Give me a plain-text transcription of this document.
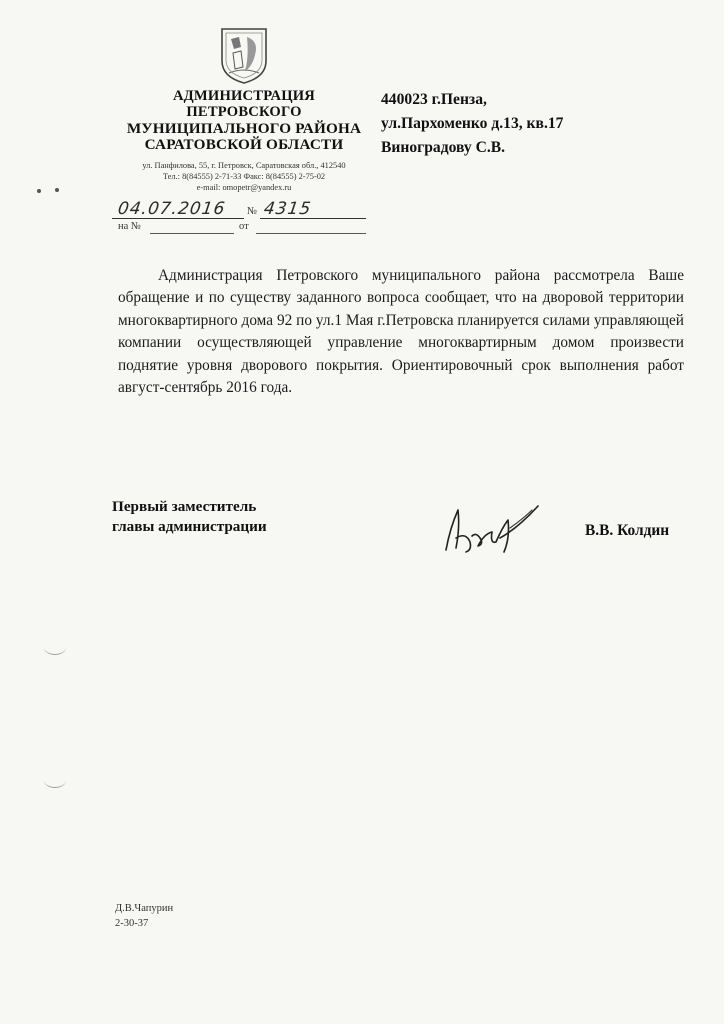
АДМИНИСТРАЦИЯ
ПЕТРОВСКОГО
МУНИЦИПАЛЬНОГО РАЙОНА
САРАТОВСКОЙ ОБЛАСТИ
ул. Панфилова, 55, г. Петровск, Саратовская обл., 412540
Тел.: 8(84555) 2-71-33 Факс: 8(84555) 2-75-02
e-mail: omopetr@yandex.ru
04.07.2016 № 4315
на №	от
440023 г.Пенза,
ул.Пархоменко д.13, кв.17
Виноградову С.В.
Администрация Петровского муниципального района рассмотрела Ваше обращение и по существу заданного вопроса сообщает, что на дворовой территории многоквартирного дома 92 по ул.1 Мая г.Петровска планируется силами управляющей компании осуществляющей управление многоквартирным домом произвести поднятие уровня дворового покрытия. Ориентировочный срок выполнения работ август-сентябрь 2016 года.
Первый заместитель
главы администрации	В.В. Колдин
Д.В.Чапурин
2-30-37
